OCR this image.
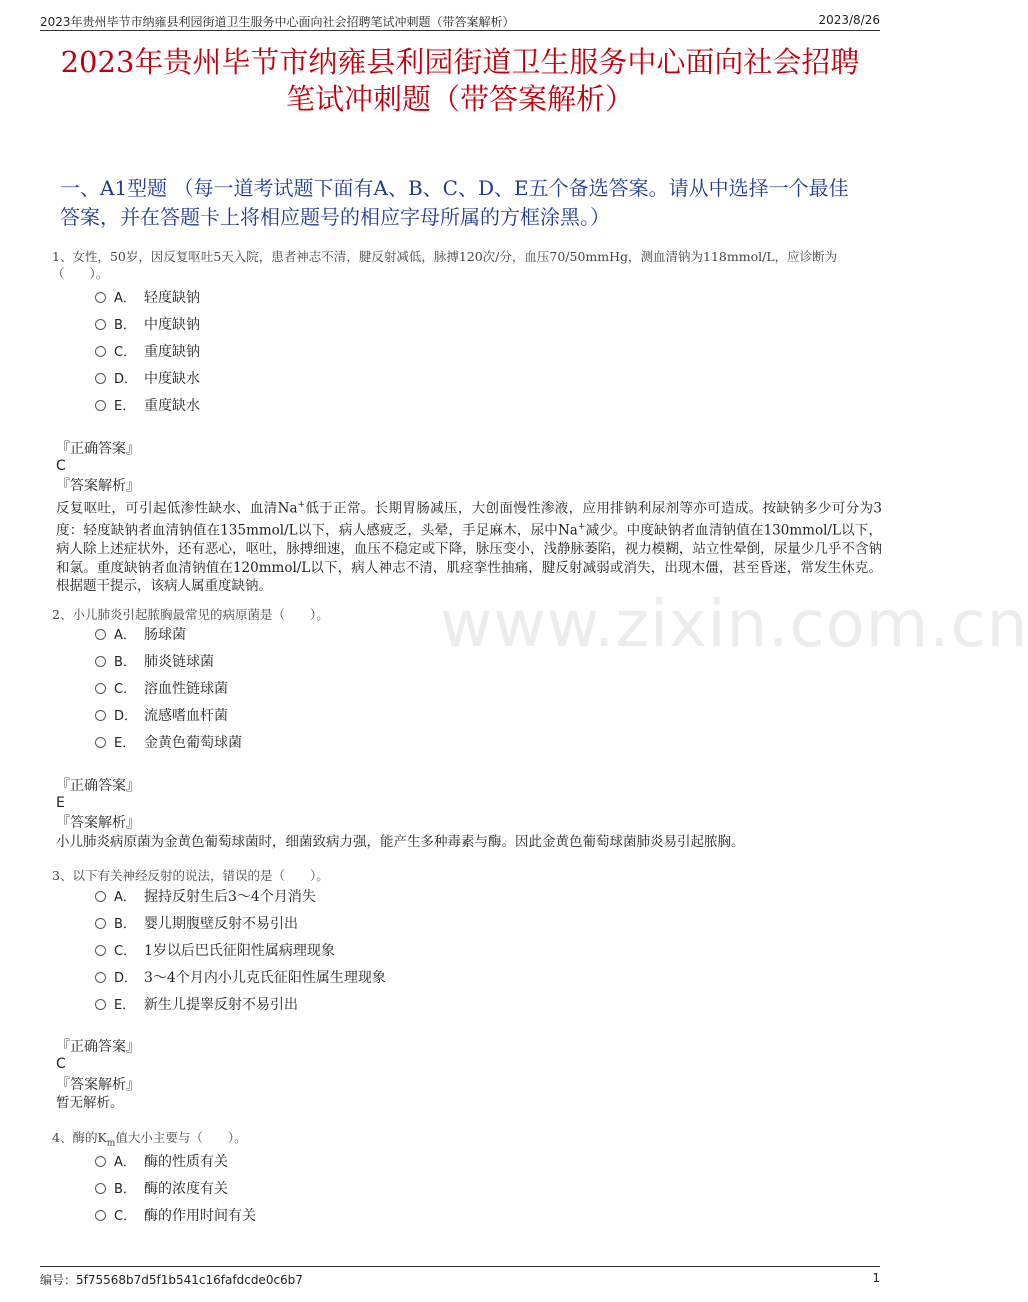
2023年贵州毕节市纳雍县利园街道卫生服务中心面向社会招聘笔试冲刺题（带答案解析）	2023/8/26
www.zixin.com.cn
2023年贵州毕节市纳雍县利园街道卫生服务中心面向社会招聘
笔试冲刺题（带答案解析）
一、A1型题 （每一道考试题下面有A、B、C、D、E五个备选答案。请从中选择一个最佳答案，并在答题卡上将相应题号的相应字母所属的方框涂黑。）
1、女性，50岁，因反复呕吐5天入院，患者神志不清，腱反射减低，脉搏120次/分，血压70/50mmHg，测血清钠为118mmol/L，应诊断为
（　　）。
A． 轻度缺钠
B． 中度缺钠
C． 重度缺钠
D． 中度缺水
E． 重度缺水
『正确答案』
C
『答案解析』
反复呕吐，可引起低渗性缺水、血清Na+低于正常。长期胃肠减压，大创面慢性渗液，应用排钠利尿剂等亦可造成。按缺钠多少可分为3度：轻度缺钠者血清钠值在135mmol/L以下，病人感疲乏，头晕，手足麻木，尿中Na+减少。中度缺钠者血清钠值在130mmol/L以下，病人除上述症状外，还有恶心，呕吐，脉搏细速，血压不稳定或下降，脉压变小，浅静脉萎陷，视力模糊，站立性晕倒，尿量少几乎不含钠和氯。重度缺钠者血清钠值在120mmol/L以下，病人神志不清，肌痉挛性抽痛，腱反射减弱或消失，出现木僵，甚至昏迷，常发生休克。根据题干提示，该病人属重度缺钠。
2、小儿肺炎引起脓胸最常见的病原菌是（　　）。
A． 肠球菌
B． 肺炎链球菌
C． 溶血性链球菌
D． 流感嗜血杆菌
E． 金黄色葡萄球菌
『正确答案』
E
『答案解析』
小儿肺炎病原菌为金黄色葡萄球菌时，细菌致病力强，能产生多种毒素与酶。因此金黄色葡萄球菌肺炎易引起脓胸。
3、以下有关神经反射的说法，错误的是（　　）。
A． 握持反射生后3～4个月消失
B． 婴儿期腹壁反射不易引出
C． 1岁以后巴氏征阳性属病理现象
D． 3～4个月内小儿克氏征阳性属生理现象
E． 新生儿提睾反射不易引出
『正确答案』
C
『答案解析』
暂无解析。
4、酶的$K_m$值大小主要与（　　）。
A． 酶的性质有关
B． 酶的浓度有关
C． 酶的作用时间有关
编号：5f75568b7d5f1b541c16fafdcde0c6b7	1
